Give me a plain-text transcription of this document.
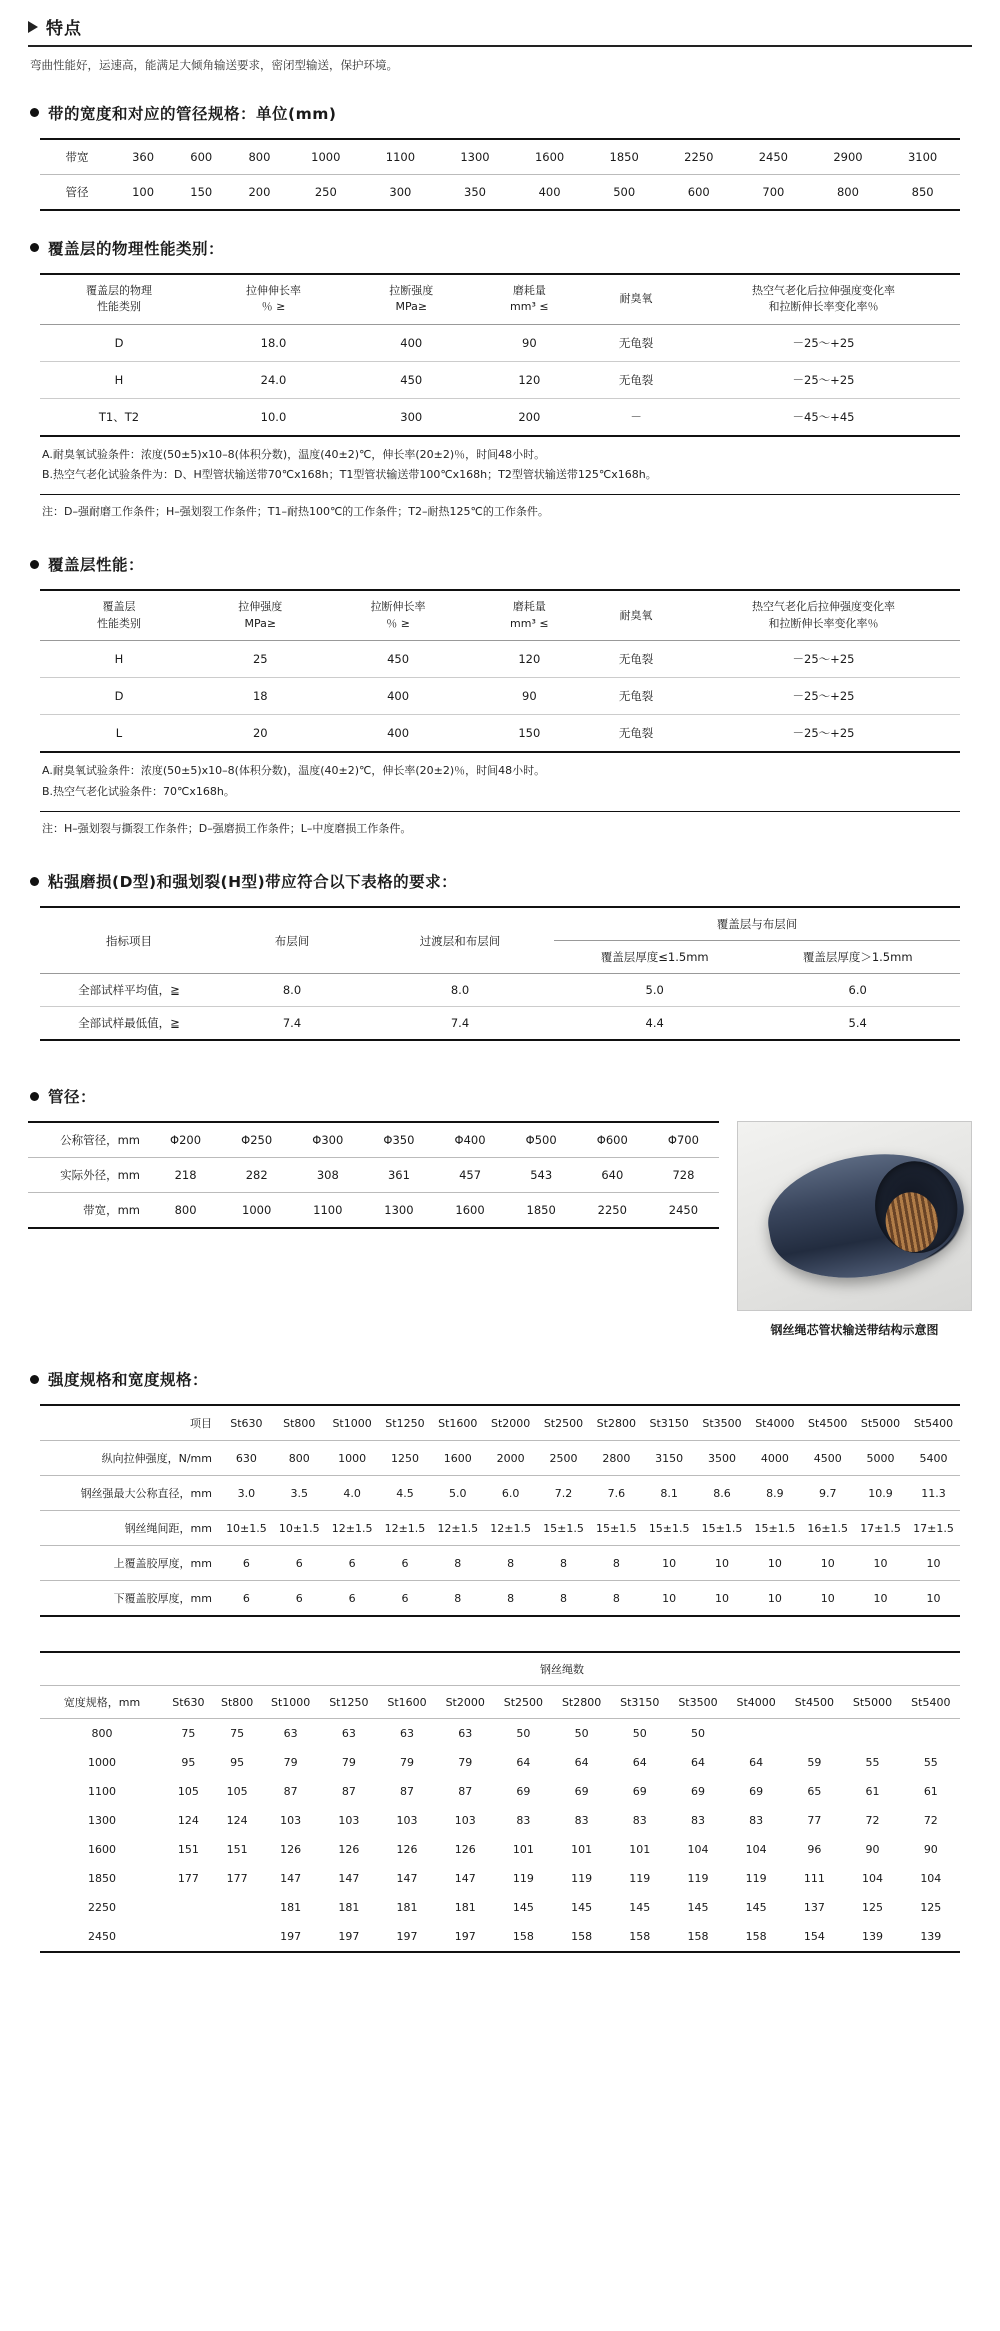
特点
弯曲性能好，运速高，能满足大倾角输送要求，密闭型输送，保护环境。
带的宽度和对应的管径规格：单位(mm)
带宽	360	600	800	1000	1100	1300	1600	1850	2250	2450	2900	3100
管径	100	150	200	250	300	350	400	500	600	700	800	850
覆盖层的物理性能类别：
覆盖层的物理
性能类别

拉伸伸长率
％ ≥

拉断强度
MPa≥

磨耗量
mm³ ≤

耐臭氧

热空气老化后拉伸强度变化率
和拉断伸长率变化率％

D	18.0	400	90	无龟裂	－25～+25
H	24.0	450	120	无龟裂	－25～+25
T1、T2	10.0	300	200	－	－45～+45
A.耐臭氧试验条件：浓度(50±5)x10–8(体积分数)，温度(40±2)℃，伸长率(20±2)％，时间48小时。
B.热空气老化试验条件为：D、H型管状输送带70℃x168h；T1型管状输送带100℃x168h；T2型管状输送带125℃x168h。
注：D–强耐磨工作条件；H–强划裂工作条件；T1–耐热100℃的工作条件；T2–耐热125℃的工作条件。
覆盖层性能：
覆盖层
性能类别

拉伸强度
MPa≥

拉断伸长率
％ ≥

磨耗量
mm³ ≤

耐臭氧

热空气老化后拉伸强度变化率
和拉断伸长率变化率％

H	25	450	120	无龟裂	－25～+25
D	18	400	90	无龟裂	－25～+25
L	20	400	150	无龟裂	－25～+25
A.耐臭氧试验条件：浓度(50±5)x10–8(体积分数)，温度(40±2)℃，伸长率(20±2)％，时间48小时。
B.热空气老化试验条件：70℃x168h。
注：H–强划裂与撕裂工作条件；D–强磨损工作条件；L–中度磨损工作条件。
粘强磨损(D型)和强划裂(H型)带应符合以下表格的要求：
指标项目	布层间	过渡层和布层间	覆盖层与布层间	
			覆盖层厚度≤1.5mm	覆盖层厚度＞1.5mm
全部试样平均值，≧	8.0	8.0	5.0	6.0
全部试样最低值，≧	7.4	7.4	4.4	5.4
管径：
公称管径，mm	Φ200	Φ250	Φ300	Φ350	Φ400	Φ500	Φ600	Φ700
实际外径，mm	218	282	308	361	457	543	640	728
带宽，mm	800	1000	1100	1300	1600	1850	2250	2450
钢丝绳芯管状输送带结构示意图
强度规格和宽度规格：
项目	St630	St800	St1000	St1250	St1600	St2000	St2500	St2800	St3150	St3500	St4000	St4500	St5000	St5400
纵向拉伸强度，N/mm	630	800	1000	1250	1600	2000	2500	2800	3150	3500	4000	4500	5000	5400
钢丝强最大公称直径，mm	3.0	3.5	4.0	4.5	5.0	6.0	7.2	7.6	8.1	8.6	8.9	9.7	10.9	11.3
钢丝绳间距，mm	10±1.5	10±1.5	12±1.5	12±1.5	12±1.5	12±1.5	15±1.5	15±1.5	15±1.5	15±1.5	15±1.5	16±1.5	17±1.5	17±1.5
上覆盖胶厚度，mm	6	6	6	6	8	8	8	8	10	10	10	10	10	10
下覆盖胶厚度，mm	6	6	6	6	8	8	8	8	10	10	10	10	10	10
	钢丝绳数													
宽度规格，mm	St630	St800	St1000	St1250	St1600	St2000	St2500	St2800	St3150	St3500	St4000	St4500	St5000	St5400
800	75	75	63	63	63	63	50	50	50	50				
1000	95	95	79	79	79	79	64	64	64	64	64	59	55	55
1100	105	105	87	87	87	87	69	69	69	69	69	65	61	61
1300	124	124	103	103	103	103	83	83	83	83	83	77	72	72
1600	151	151	126	126	126	126	101	101	101	104	104	96	90	90
1850	177	177	147	147	147	147	119	119	119	119	119	111	104	104
2250			181	181	181	181	145	145	145	145	145	137	125	125
2450			197	197	197	197	158	158	158	158	158	154	139	139
